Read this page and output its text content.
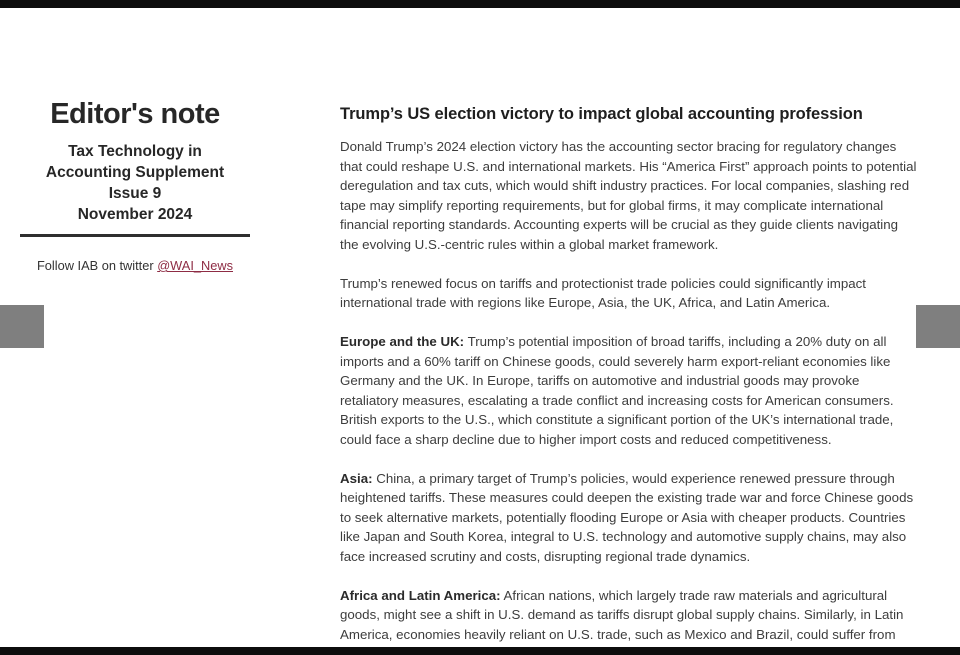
Editor's note
Tax Technology in
Accounting Supplement
Issue 9
November 2024
Follow IAB on twitter @WAI_News
Trump’s US election victory to impact global accounting profession

Donald Trump’s 2024 election victory has the accounting sector bracing for regulatory changes that could reshape U.S. and international markets. His “America First” approach points to potential deregulation and tax cuts, which would shift industry practices. For local companies, slashing red tape may simplify reporting requirements, but for global firms, it may complicate international financial reporting standards. Accounting experts will be crucial as they guide clients navigating the evolving U.S.-centric rules within a global market framework.

Trump’s renewed focus on tariffs and protectionist trade policies could significantly impact international trade with regions like Europe, Asia, the UK, Africa, and Latin America.

Europe and the UK: Trump’s potential imposition of broad tariffs, including a 20% duty on all imports and a 60% tariff on Chinese goods, could severely harm export-reliant economies like Germany and the UK. In Europe, tariffs on automotive and industrial goods may provoke retaliatory measures, escalating a trade conflict and increasing costs for American consumers. British exports to the U.S., which constitute a significant portion of the UK’s international trade, could face a sharp decline due to higher import costs and reduced competitiveness.

Asia: China, a primary target of Trump’s policies, would experience renewed pressure through heightened tariffs. These measures could deepen the existing trade war and force Chinese goods to seek alternative markets, potentially flooding Europe or Asia with cheaper products. Countries like Japan and South Korea, integral to U.S. technology and automotive supply chains, may also face increased scrutiny and costs, disrupting regional trade dynamics.

Africa and Latin America: African nations, which largely trade raw materials and agricultural goods, might see a shift in U.S. demand as tariffs disrupt global supply chains. Similarly, in Latin America, economies heavily reliant on U.S. trade, such as Mexico and Brazil, could suffer from
